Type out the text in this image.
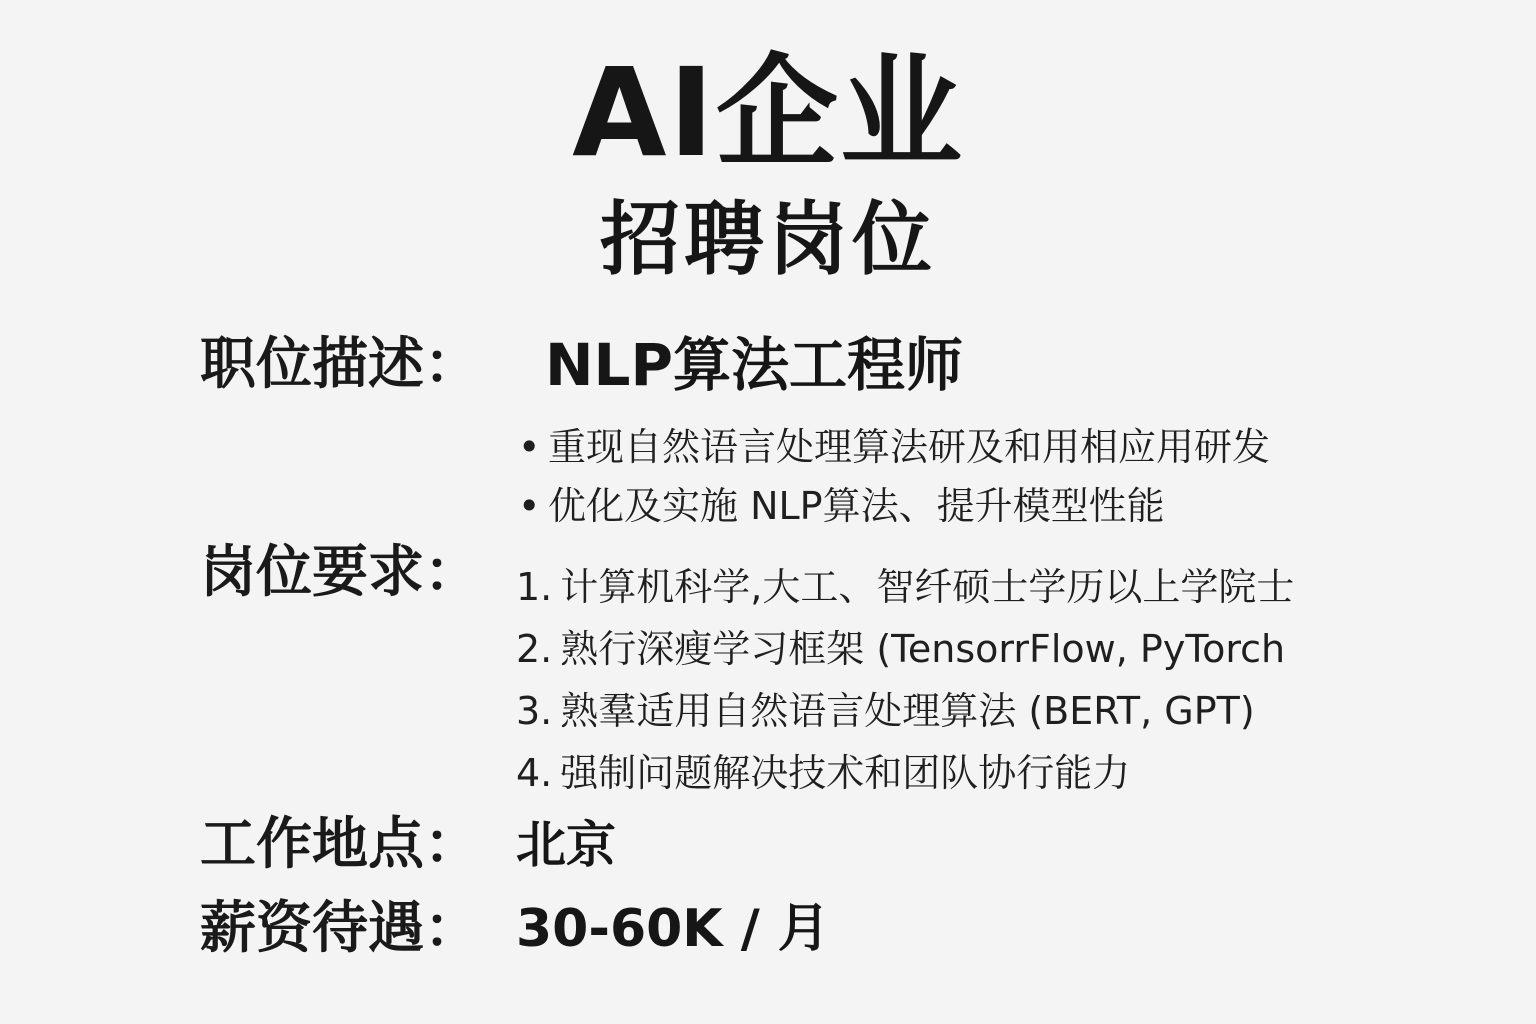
AI企业
招聘岗位
职位描述： NLP算法工程师
• 重现自然语言处理算法研及和用相应用研发
• 优化及实施 NLP算法、提升模型性能
岗位要求： 1. 计算机科学,大工、智纤硕士学历以上学院士
2. 熟行深瘦学习框架 (TensorrFlow, PyTorch
3. 熟羣适用自然语言处理算法 (BERT, GPT)
4. 强制问题解决技术和团队协行能力
工作地点： 北京
薪资待遇： 30-60K / 月
